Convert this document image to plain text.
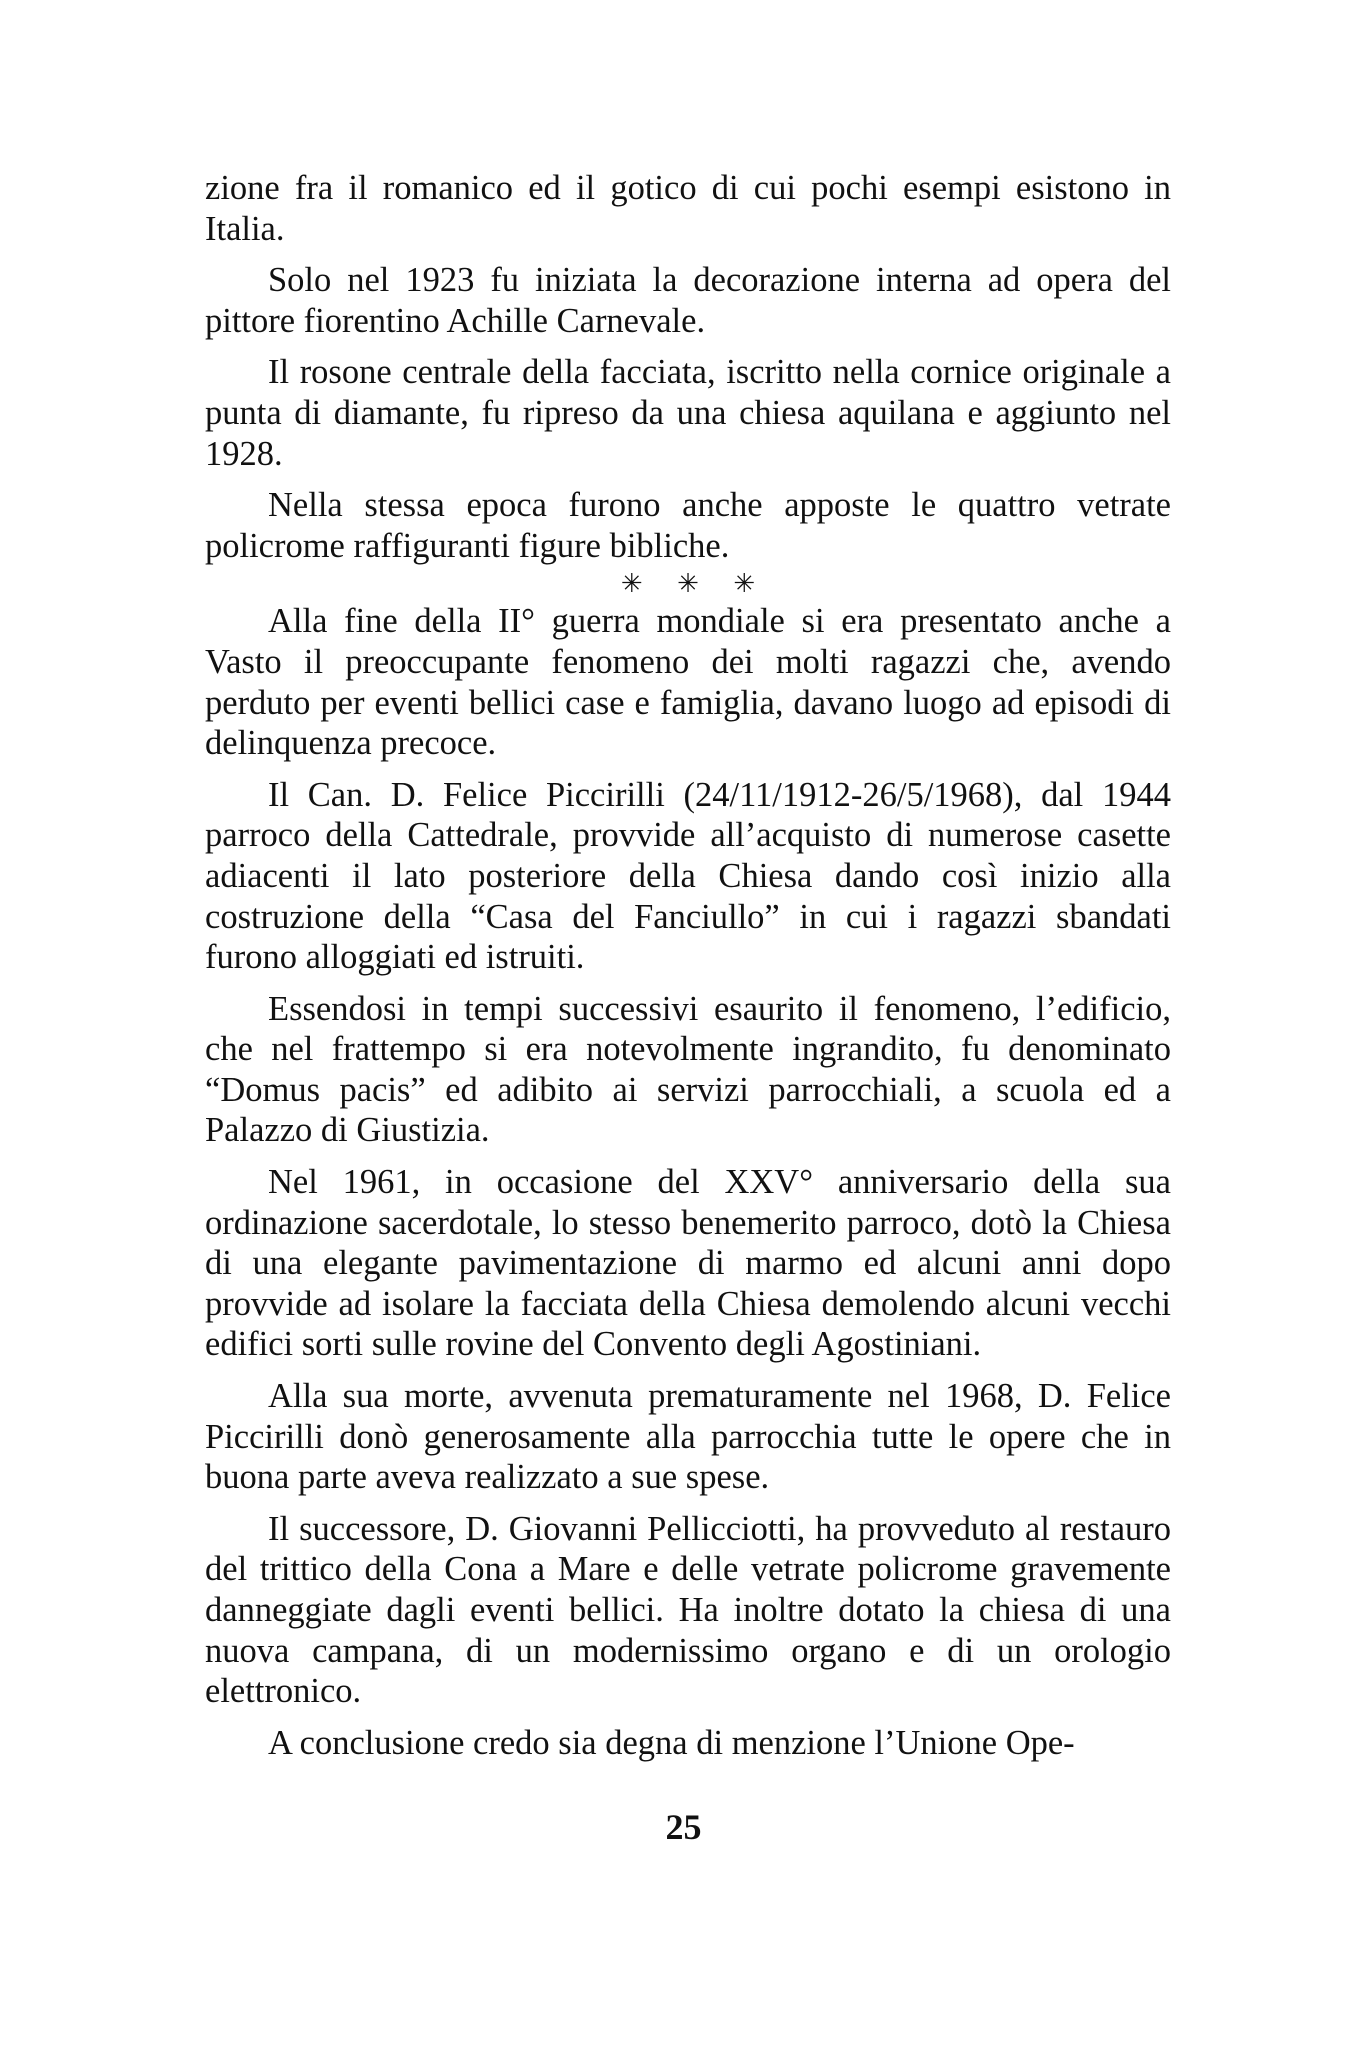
zione fra il romanico ed il gotico di cui pochi esempi esistono in Italia.

Solo nel 1923 fu iniziata la decorazione interna ad opera del pittore fiorentino Achille Carnevale.

Il rosone centrale della facciata, iscritto nella cornice originale a punta di diamante, fu ripreso da una chiesa aquilana e aggiunto nel 1928.

Nella stessa epoca furono anche apposte le quattro vetrate policrome raffiguranti figure bibliche.

✳ ✳ ✳

Alla fine della II° guerra mondiale si era presentato anche a Vasto il preoccupante fenomeno dei molti ragazzi che, avendo perduto per eventi bellici case e famiglia, davano luogo ad episodi di delinquenza precoce.

Il Can. D. Felice Piccirilli (24/11/1912-26/5/1968), dal 1944 parroco della Cattedrale, provvide all’acquisto di numerose casette adiacenti il lato posteriore della Chiesa dando così inizio alla costruzione della “Casa del Fanciullo” in cui i ragazzi sbandati furono alloggiati ed istruiti.

Essendosi in tempi successivi esaurito il fenomeno, l’edificio, che nel frattempo si era notevolmente ingrandito, fu denominato “Domus pacis” ed adibito ai servizi parrocchiali, a scuola ed a Palazzo di Giustizia.

Nel 1961, in occasione del XXV° anniversario della sua ordinazione sacerdotale, lo stesso benemerito parroco, dotò la Chiesa di una elegante pavimentazione di marmo ed alcuni anni dopo provvide ad isolare la facciata della Chiesa demolendo alcuni vecchi edifici sorti sulle rovine del Convento degli Agostiniani.

Alla sua morte, avvenuta prematuramente nel 1968, D. Felice Piccirilli donò generosamente alla parrocchia tutte le opere che in buona parte aveva realizzato a sue spese.

Il successore, D. Giovanni Pellicciotti, ha provveduto al restauro del trittico della Cona a Mare e delle vetrate policrome gravemente danneggiate dagli eventi bellici. Ha inoltre dotato la chiesa di una nuova campana, di un modernissimo organo e di un orologio elettronico.

A conclusione credo sia degna di menzione l’Unione Ope-

25
